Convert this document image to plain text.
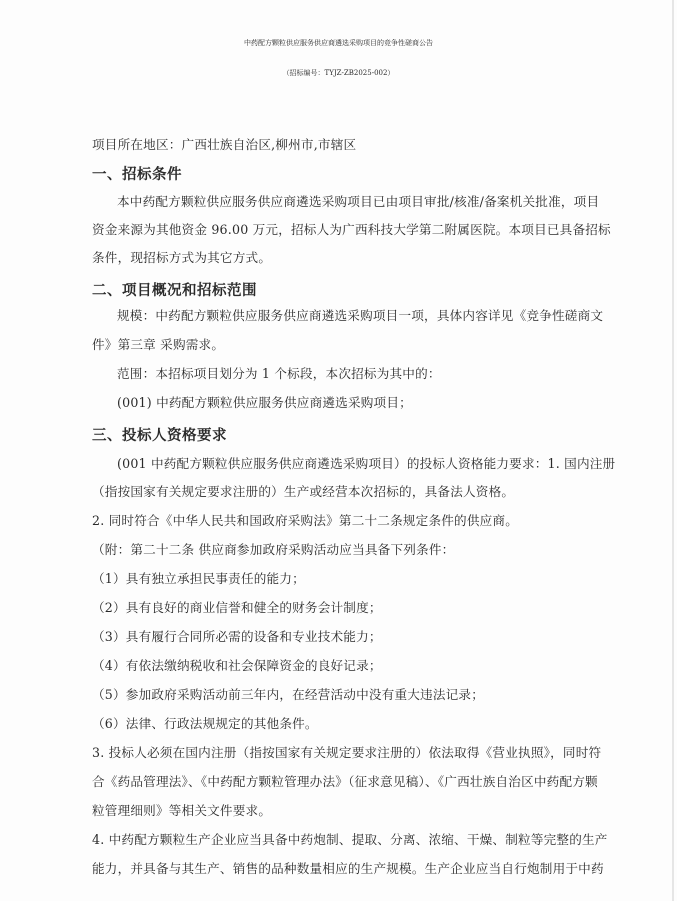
中药配方颗粒供应服务供应商遴选采购项目的竞争性磋商公告
（招标编号：TYJZ-ZB2025-002）
项目所在地区：广西壮族自治区,柳州市,市辖区
一、招标条件
本中药配方颗粒供应服务供应商遴选采购项目已由项目审批/核准/备案机关批准，项目
资金来源为其他资金 96.00 万元，招标人为广西科技大学第二附属医院。本项目已具备招标
条件，现招标方式为其它方式。
二、项目概况和招标范围
规模：中药配方颗粒供应服务供应商遴选采购项目一项，具体内容详见《竞争性磋商文
件》第三章 采购需求。
范围：本招标项目划分为 1 个标段，本次招标为其中的：
(001) 中药配方颗粒供应服务供应商遴选采购项目；
三、投标人资格要求
(001 中药配方颗粒供应服务供应商遴选采购项目）的投标人资格能力要求：1. 国内注册
（指按国家有关规定要求注册的）生产或经营本次招标的，具备法人资格。
2. 同时符合《中华人民共和国政府采购法》第二十二条规定条件的供应商。
（附：第二十二条 供应商参加政府采购活动应当具备下列条件：
（1）具有独立承担民事责任的能力；
（2）具有良好的商业信誉和健全的财务会计制度；
（3）具有履行合同所必需的设备和专业技术能力；
（4）有依法缴纳税收和社会保障资金的良好记录；
（5）参加政府采购活动前三年内，在经营活动中没有重大违法记录；
（6）法律、行政法规规定的其他条件。
3. 投标人必须在国内注册（指按国家有关规定要求注册的）依法取得《营业执照》，同时符
合《药品管理法》、《中药配方颗粒管理办法》（征求意见稿）、《广西壮族自治区中药配方颗
粒管理细则》等相关文件要求。
4. 中药配方颗粒生产企业应当具备中药炮制、提取、分离、浓缩、干燥、制粒等完整的生产
能力，并具备与其生产、销售的品种数量相应的生产规模。生产企业应当自行炮制用于中药
